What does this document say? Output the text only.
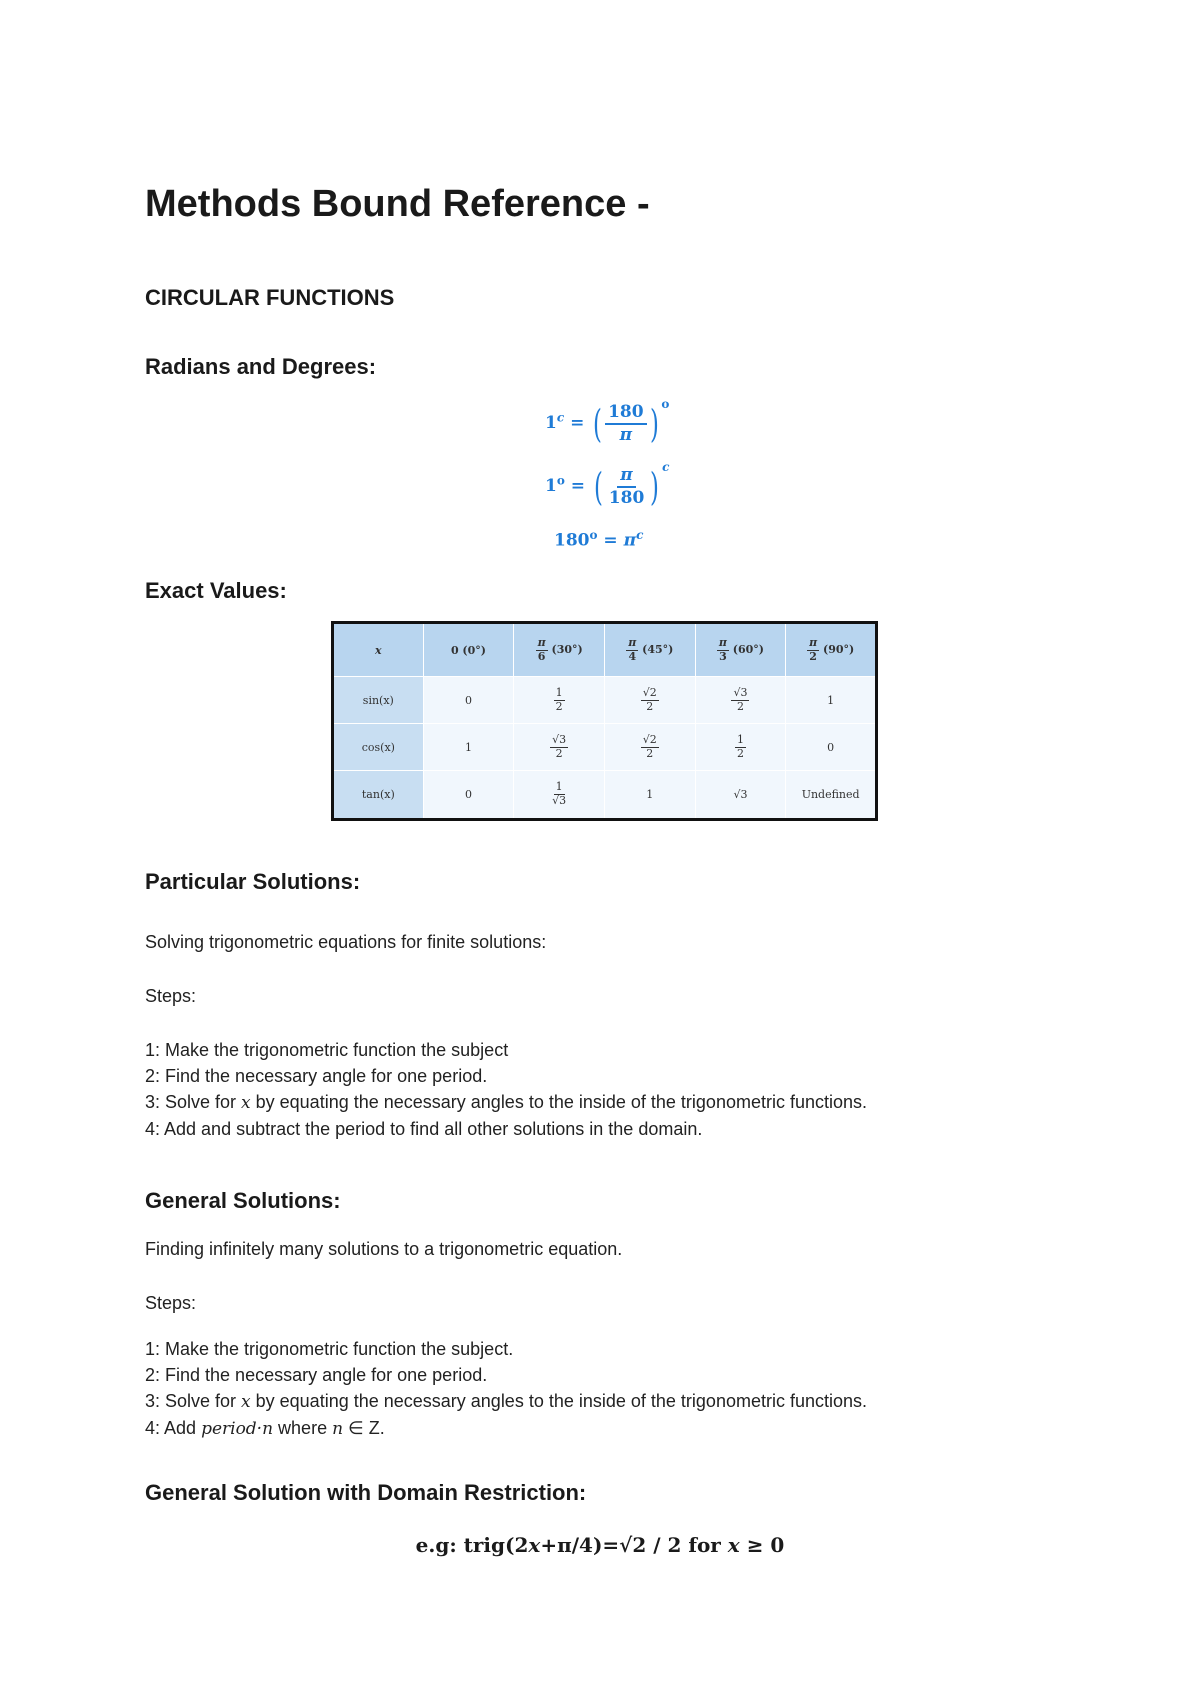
Methods Bound Reference -
CIRCULAR FUNCTIONS
Radians and Degrees:
$1^c$ = ( $\frac{180}{\pi}$ ) $^o$
$1^o$ = ( $\frac{\pi}{180}$ ) $^c$
$180^o = \pi^c$
Exact Values:
x	0 (0°)	$\frac{\pi}{6} (30^\circ)$	$\frac{\pi}{4} (45^\circ)$	$\frac{\pi}{3} (60^\circ)$	$\frac{\pi}{2} (90^\circ)$
sin(x)	0	$\frac{1}{2}$	$\frac{√2}{2}$	$\frac{√3}{2}$	1
cos(x)	1	$\frac{√3}{2}$	$\frac{√2}{2}$	$\frac{1}{2}$	0
tan(x)	0	$\frac{1}{√3}$	1	√3	Undefined
Particular Solutions:

Solving trigonometric equations for finite solutions:

Steps:

1: Make the trigonometric function the subject
2: Find the necessary angle for one period.
3: Solve for x by equating the necessary angles to the inside of the trigonometric functions.
4: Add and subtract the period to find all other solutions in the domain.
General Solutions:

Finding infinitely many solutions to a trigonometric equation.

Steps:

1: Make the trigonometric function the subject.
2: Find the necessary angle for one period.
3: Solve for x by equating the necessary angles to the inside of the trigonometric functions.
4: Add period·n where n ∈ Z.
General Solution with Domain Restriction:
e.g: trig(2x+π/4)=√2 / 2 for x ≥ 0
